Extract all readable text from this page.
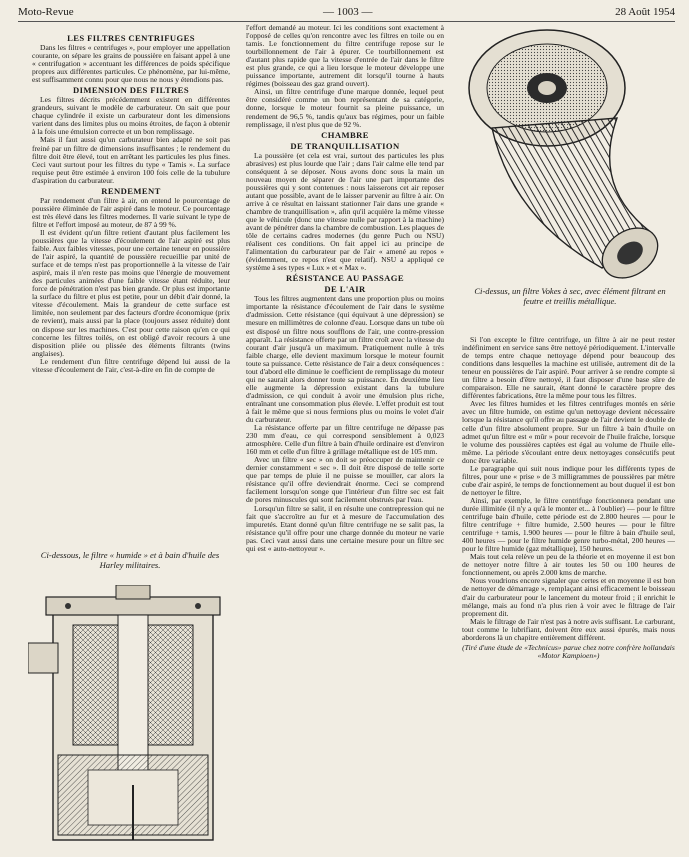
Moto-Revue	— 1003 —	28 Août 1954
LES FILTRES CENTRIFUGES

Dans les filtres « centrifuges », pour employer une appellation courante, on sépare les grains de poussière en faisant appel à une « centrifugation » accentuant les différences de poids spécifique propres aux différentes particules. Ce phénomène, par lui-même, est suffisamment connu pour que nous ne nous y étendions pas.

DIMENSION DES FILTRES

Les filtres décrits précédemment existent en différentes grandeurs, suivant le modèle de carburateur. On sait que pour chaque cylindrée il existe un carburateur dont les dimensions varient dans des limites plus ou moins étroites, de façon à obtenir à la fois une émulsion correcte et un bon remplissage.

Mais il faut aussi qu'un carburateur bien adapté ne soit pas freiné par un filtre de dimensions insuffisantes ; le rendement du filtre doit être élevé, tout en arrêtant les particules les plus fines. Ceci vaut surtout pour les filtres du type « Tamis ». La surface requise peut être estimée à environ 100 fois celle de la tubulure d'aspiration du carburateur.

RENDEMENT

Par rendement d'un filtre à air, on entend le pourcentage de poussière éliminée de l'air aspiré dans le moteur. Ce pourcentage est très élevé dans les filtres modernes. Il varie suivant le type de filtre et l'effort imposé au moteur, de 87 à 99 %.

Il est évident qu'un filtre retient d'autant plus facilement les poussières que la vitesse d'écoulement de l'air aspiré est plus faible. Aux faibles vitesses, pour une certaine teneur en poussière de l'air aspiré, la quantité de poussière recueillie par unité de surface et de temps n'est pas proportionnelle à la vitesse de l'air aspiré, mais il n'en reste pas moins que l'énergie de mouvement des particules animées d'une faible vitesse étant réduite, leur force de pénétration n'est pas bien grande. Or plus est importante la surface du filtre et plus est petite, pour un débit d'air donné, la vitesse d'écoulement. Mais la grandeur de cette surface est limitée, non seulement par des facteurs d'ordre économique (prix de revient), mais aussi par la place (toujours assez réduite) dont on dispose sur les machines. C'est pour cette raison qu'en ce qui concerne les filtres toilés, on est obligé d'avoir recours à une disposition pliée ou plissée des éléments filtrants (twins anglaises).

Le rendement d'un filtre centrifuge dépend lui aussi de la vitesse d'écoulement de l'air, c'est-à-dire en fin de compte de

Ci-dessous, le filtre « humide » et à bain d'huile des Harley militaires.

l'effort demandé au moteur. Ici les conditions sont exactement à l'opposé de celles qu'on rencontre avec les filtres en toile ou en tamis. Le fonctionnement du filtre centrifuge repose sur le tourbillonnement de l'air à épurer. Ce tourbillonnement est d'autant plus rapide que la vitesse d'entrée de l'air dans le filtre est plus grande, ce qui a lieu lorsque le moteur développe une puissance importante, autrement dit lorsqu'il tourne à hauts régimes (boisseau des gaz grand ouvert).

Ainsi, un filtre centrifuge d'une marque donnée, lequel peut être considéré comme un bon représentant de sa catégorie, donne, lorsque le moteur fournit sa pleine puissance, un rendement de 96,5 %, tandis qu'aux bas régimes, pour un faible remplissage, il n'est plus que de 92 %.

CHAMBRE
DE TRANQUILLISATION

La poussière (et cela est vrai, surtout des particules les plus abrasives) est plus lourde que l'air ; dans l'air calme elle tend par conséquent à se déposer. Nous avons donc sous la main un nouveau moyen de séparer de l'air une part importante des poussières qui y sont contenues : nous laisserons cet air reposer autant que possible, avant de le laisser parvenir au filtre à air. On arrive à ce résultat en laissant stationner l'air dans une grande « chambre de tranquillisation », afin qu'il acquière la même vitesse que le véhicule (donc une vitesse nulle par rapport à la machine) avant de pénétrer dans la chambre de combustion. Les plaques de tôle de certains cadres modernes (du genre Puch ou NSU) réalisent ces conditions. On fait appel ici au principe de l'alimentation du carburateur par de l'air « amené au repos » (évidemment, ce repos n'est que relatif). NSU a appliqué ce système à ses types « Lux » et « Max ».

RÉSISTANCE AU PASSAGE
DE L'AIR

Tous les filtres augmentent dans une proportion plus ou moins importante la résistance d'écoulement de l'air dans le système d'admission. Cette résistance (qui équivaut à une dépression) se mesure en millimètres de colonne d'eau. Lorsque dans un tube où est disposé un filtre nous soufflons de l'air, une contre-pression apparaît. La résistance offerte par un filtre croît avec la vitesse du courant d'air jusqu'à un maximum. Pratiquement nulle à très faible charge, elle devient maximum lorsque le moteur fournit toute sa puissance. Cette résistance de l'air a deux conséquences : tout d'abord elle diminue le coefficient de remplissage du moteur qui ne saurait alors donner toute sa puissance. En deuxième lieu elle augmente la dépression existant dans la tubulure d'admission, ce qui conduit à avoir une émulsion plus riche, entraînant une consommation plus élevée. L'effet produit est tout à fait le même que si nous fermions plus ou moins le volet d'air du carburateur.

La résistance offerte par un filtre centrifuge ne dépasse pas 230 mm d'eau, ce qui correspond sensiblement à 0,023 atmosphère. Celle d'un filtre à bain d'huile ordinaire est d'environ 160 mm et celle d'un filtre à grillage métallique est de 105 mm.

Avec un filtre « sec » on doit se préoccuper de maintenir ce dernier constamment « sec ». Il doit être disposé de telle sorte que par temps de pluie il ne puisse se mouiller, car alors la résistance qu'il offre deviendrait énorme. Ceci se comprend facilement lorsqu'on songe que l'intérieur d'un filtre sec est fait de pores minuscules qui sont facilement obstrués par l'eau.

Lorsqu'un filtre se salit, il en résulte une contrepression qui ne fait que s'accroître au fur et à mesure de l'accumulation des impuretés. Etant donné qu'un filtre centrifuge ne se salit pas, la résistance qu'il offre pour une charge donnée du moteur ne varie pas. Ceci vaut aussi dans une certaine mesure pour un filtre sec qui est « auto-nettoyeur ».

Ci-dessus, un filtre Vokes à sec, avec élément filtrant en feutre et treillis métallique.

Si l'on excepte le filtre centrifuge, un filtre à air ne peut rester indéfiniment en service sans être nettoyé périodiquement. L'intervalle de temps entre chaque nettoyage dépend pour beaucoup des conditions dans lesquelles la machine est utilisée, autrement dit de la teneur en poussières de l'air aspiré. Pour arriver à se rendre compte si un filtre a besoin d'être nettoyé, il faut disposer d'une base sûre de comparaison. Elle ne saurait, étant donné le caractère propre des différentes fabrications, être la même pour tous les filtres.

Avec les filtres humides et les filtres centrifuges montés en série avec un filtre humide, on estime qu'un nettoyage devient nécessaire lorsque la résistance qu'il offre au passage de l'air devient le double de celle d'un filtre absolument propre. Sur un filtre à bain d'huile on admet qu'un filtre est « mûr » pour recevoir de l'huile fraîche, lorsque le volume des poussières captées est égal au volume de l'huile elle-même. La période s'écoulant entre deux nettoyages consécutifs peut donc être variable.

Le paragraphe qui suit nous indique pour les différents types de filtres, pour une « prise » de 3 milligrammes de poussières par mètre cube d'air aspiré, le temps de fonctionnement au bout duquel il est bon de nettoyer le filtre.

Ainsi, par exemple, le filtre centrifuge fonctionnera pendant une durée illimitée (il n'y a qu'à le monter et... à l'oublier) — pour le filtre centrifuge bain d'huile, cette période est de 2.800 heures — pour le filtre centrifuge + filtre humide, 2.500 heures — pour le filtre centrifuge + tamis, 1.900 heures — pour le filtre à bain d'huile seul, 400 heures — pour le filtre humide genre turbo-métal, 200 heures — pour le filtre humide (gaz métallique), 150 heures.

Mais tout cela relève un peu de la théorie et en moyenne il est bon de nettoyer notre filtre à air toutes les 50 ou 100 heures de fonctionnement, ou après 2.000 kms de marche.

Nous voudrions encore signaler que certes et en moyenne il est bon de nettoyer de démarrage », remplaçant ainsi efficacement le boisseau d'air du carburateur pour le lancement du moteur froid ; il enrichit le mélange, mais au fond n'a plus rien à voir avec le filtrage de l'air proprement dit.

Mais le filtrage de l'air n'est pas à notre avis suffisant. Le carburant, tout comme le lubrifiant, doivent être eux aussi épurés, mais nous aborderons là un chapitre entièrement différent.

(Tiré d'une étude de «Technicus» parue chez notre confrère hollandais «Motor Kampioen»)
